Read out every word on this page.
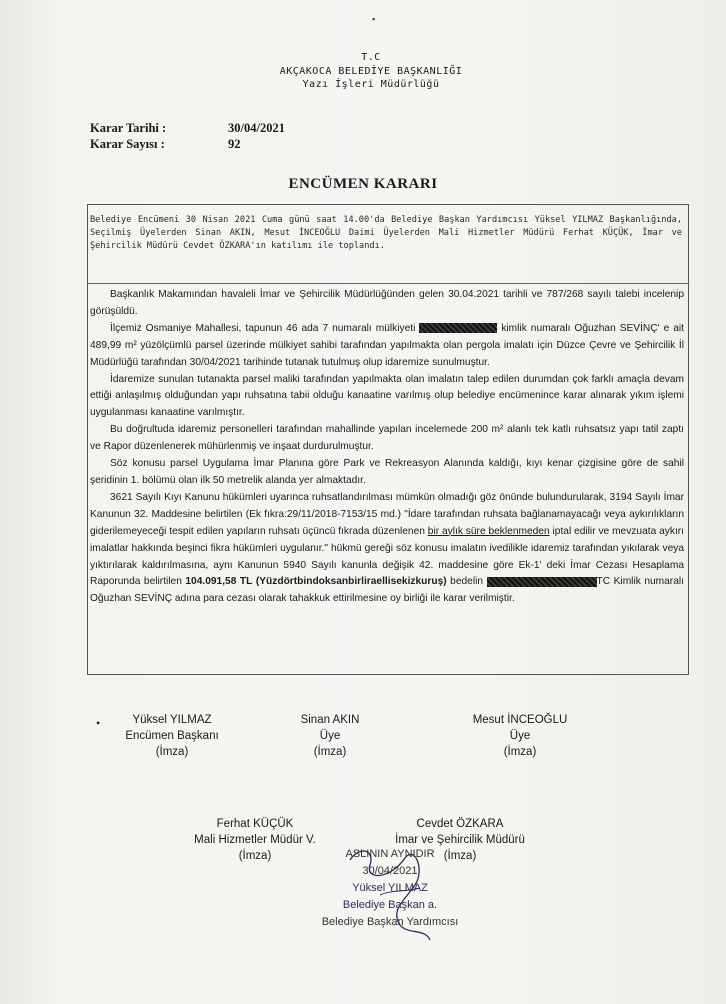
▪
T.C
AKÇAKOCA BELEDİYE BAŞKANLIĞI
Yazı İşleri Müdürlüğü
Karar Tarihi :	30/04/2021
Karar Sayısı :	92
ENCÜMEN KARARI
Belediye Encümeni 30 Nisan 2021 Cuma günü saat 14.00'da Belediye Başkan Yardımcısı Yüksel YILMAZ Başkanlığında, Seçilmiş Üyelerden Sinan AKIN, Mesut İNCEOĞLU Daimi Üyelerden Mali Hizmetler Müdürü Ferhat KÜÇÜK, İmar ve Şehircilik Müdürü Cevdet ÖZKARA'ın katılımı ile toplandı.

Başkanlık Makamından havaleli İmar ve Şehircilik Müdürlüğünden gelen 30.04.2021 tarihli ve 787/268 sayılı talebi incelenip görüşüldü.

İlçemiz Osmaniye Mahallesi, tapunun 46 ada 7 numaralı mülkiyeti	kimlik numaralı Oğuzhan SEVİNÇ' e ait 489,99 m² yüzölçümlü parsel üzerinde mülkiyet sahibi tarafından yapılmakta olan pergola imalatı için Düzce Çevre ve Şehircilik İl Müdürlüğü tarafından 30/04/2021 tarihinde tutanak tutulmuş olup idaremize sunulmuştur.

İdaremize sunulan tutanakta parsel maliki tarafından yapılmakta olan imalatın talep edilen durumdan çok farklı amaçla devam ettiği anlaşılmış olduğundan yapı ruhsatına tabii olduğu kanaatine varılmış olup belediye encümenince karar alınarak yıkım işlemi uygulanması kanaatine varılmıştır.

Bu doğrultuda idaremiz personelleri tarafından mahallinde yapılan incelemede 200 m² alanlı tek katlı ruhsatsız yapı tatil zaptı ve Rapor düzenlenerek mühürlenmiş ve inşaat durdurulmuştur.

Söz konusu parsel Uygulama İmar Planına göre Park ve Rekreasyon Alanında kaldığı, kıyı kenar çizgisine göre de sahil şeridinin 1. bölümü olan ilk 50 metrelik alanda yer almaktadır.

3621 Sayılı Kıyı Kanunu hükümleri uyarınca ruhsatlandırılması mümkün olmadığı göz önünde bulundurularak, 3194 Sayılı İmar Kanunun 32. Maddesine belirtilen (Ek fıkra:29/11/2018-7153/15 md.) "İdare tarafından ruhsata bağlanamayacağı veya aykırılıkların giderilemeyeceği tespit edilen yapıların ruhsatı üçüncü fıkrada düzenlenen bir aylık süre beklenmeden iptal edilir ve mevzuata aykırı imalatlar hakkında beşinci fikra hükümleri uygulanır." hükmü gereği söz konusu imalatın ivedilikle idaremiz tarafından yıkılarak veya yıktırılarak kaldırılmasına, aynı Kanunun 5940 Sayılı kanunla değişik 42. maddesine göre Ek-1' deki İmar Cezası Hesaplama Raporunda belirtilen 104.091,58 TL (Yüzdörtbindoksanbirliraellisekizkuruş) bedelin	TC Kimlik numaralı Oğuzhan SEVİNÇ adına para cezası olarak tahakkuk ettirilmesine oy birliği ile karar verilmiştir.

•	Yüksel YILMAZ
Encümen Başkanı
(İmza)
Sinan AKIN
Üye
(İmza)
Mesut İNCEOĞLU
Üye
(İmza)
Ferhat KÜÇÜK
Mali Hizmetler Müdür V.
(İmza)
Cevdet ÖZKARA
İmar ve Şehircilik Müdürü
(İmza)
ASLININ AYNIDIR
30/04/2021
Yüksel YILMAZ
Belediye Başkan a.
Belediye Başkan Yardımcısı
